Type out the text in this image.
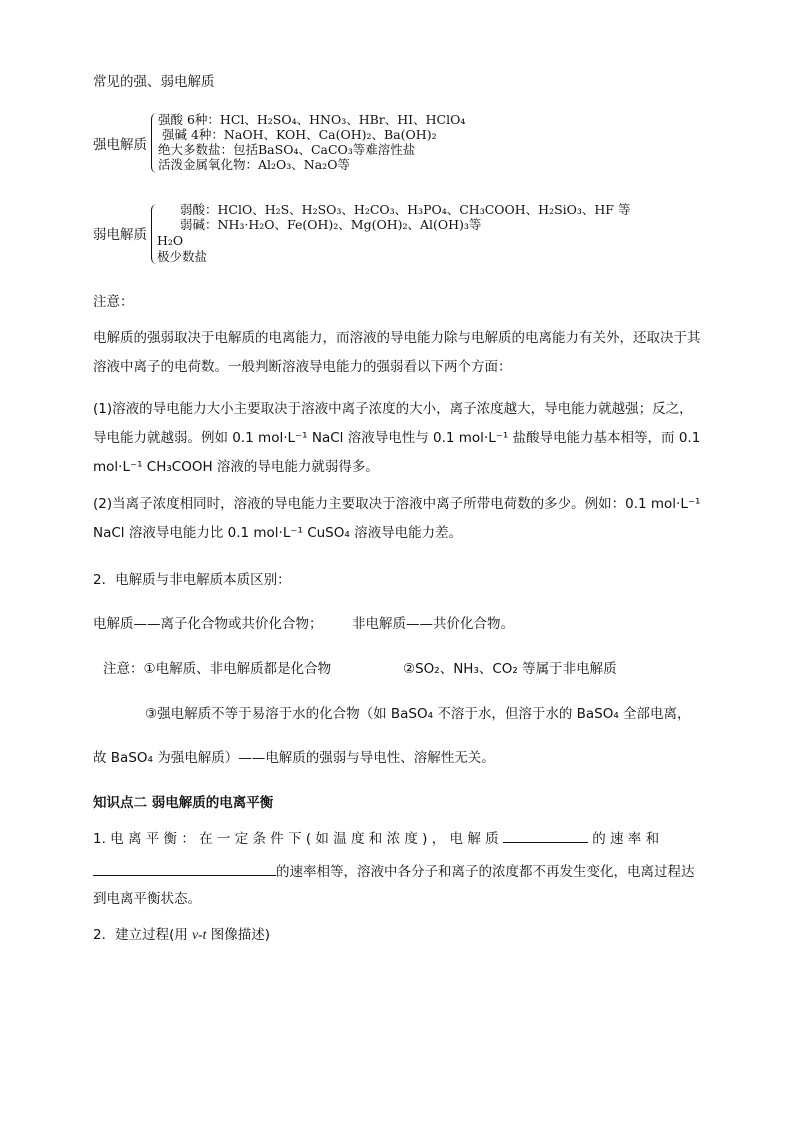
常见的强、弱电解质
强电解质
强酸 6种：HCl、H₂SO₄、HNO₃、HBr、HI、HClO₄
强碱 4种：NaOH、KOH、Ca(OH)₂、Ba(OH)₂
绝大多数盐：包括BaSO₄、CaCO₃等难溶性盐
活泼金属氧化物：Al₂O₃、Na₂O等
弱电解质
弱酸：HClO、H₂S、H₂SO₃、H₂CO₃、H₃PO₄、CH₃COOH、H₂SiO₃、HF 等
弱碱：NH₃·H₂O、Fe(OH)₂、Mg(OH)₂、Al(OH)₃等
H₂O
极少数盐
注意：
电解质的强弱取决于电解质的电离能力，而溶液的导电能力除与电解质的电离能力有关外，还取决于其溶液中离子的电荷数。一般判断溶液导电能力的强弱看以下两个方面：
(1)溶液的导电能力大小主要取决于溶液中离子浓度的大小，离子浓度越大，导电能力就越强；反之，导电能力就越弱。例如 0.1 mol·L⁻¹ NaCl 溶液导电性与 0.1 mol·L⁻¹ 盐酸导电能力基本相等，而 0.1 mol·L⁻¹ CH₃COOH 溶液的导电能力就弱得多。
(2)当离子浓度相同时，溶液的导电能力主要取决于溶液中离子所带电荷数的多少。例如：0.1 mol·L⁻¹ NaCl 溶液导电能力比 0.1 mol·L⁻¹ CuSO₄ 溶液导电能力差。
2．电解质与非电解质本质区别：
电解质——离子化合物或共价化合物； 非电解质——共价化合物。
注意：①电解质、非电解质都是化合物	②SO₂、NH₃、CO₂ 等属于非电解质
③强电解质不等于易溶于水的化合物（如 BaSO₄ 不溶于水，但溶于水的 BaSO₄ 全部电离，
故 BaSO₄ 为强电解质）——电解质的强弱与导电性、溶解性无关。
知识点二 弱电解质的电离平衡
1. 电 离 平 衡 ： 在 一 定 条 件 下 ( 如 温 度 和 浓 度 ) ， 电 解 质	的 速 率 和
的速率相等，溶液中各分子和离子的浓度都不再发生变化，电离过程达到电离平衡状态。
2．建立过程(用 v-t 图像描述)
